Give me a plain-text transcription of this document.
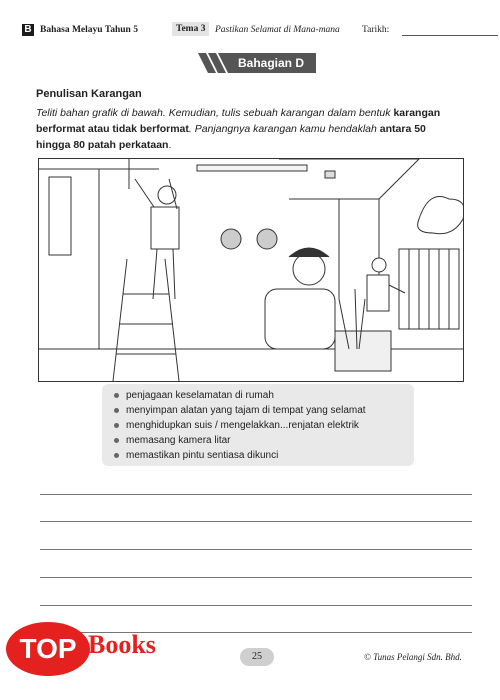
B Bahasa Melayu Tahun 5	Tema 3	Pastikan Selamat di Mana-mana Tarikh:
Bahagian D
Penulisan Karangan
Teliti bahan grafik di bawah. Kemudian, tulis sebuah karangan dalam bentuk karangan berformat atau tidak berformat. Panjangnya karangan kamu hendaklah antara 50 hingga 80 patah perkataan.
penjagaan keselamatan di rumah
menyimpan alatan yang tajam di tempat yang selamat
menghidupkan suis / mengelakkan...renjatan elektrik
memasang kamera litar
memastikan pintu sentiasa dikunci
TOP Books	25	© Tunas Pelangi Sdn. Bhd.
